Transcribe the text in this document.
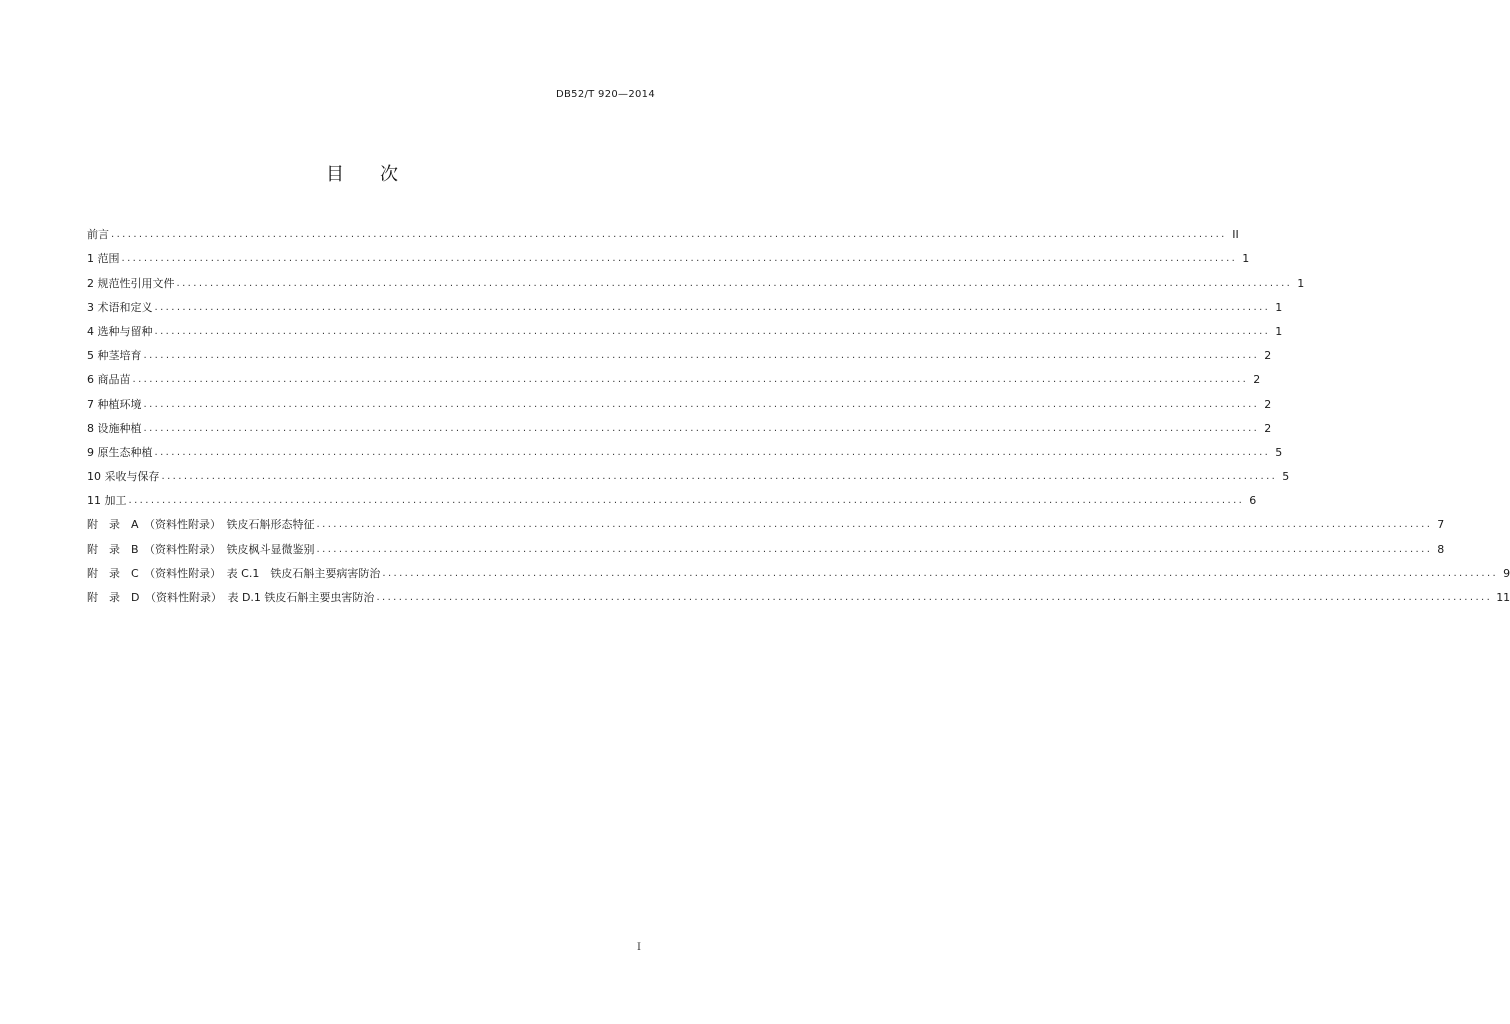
DB52/T 920—2014
目次
前言 ........................................................................................................................................................................................................ II
1 范围 ........................................................................................................................................................................................................ 1
2 规范性引用文件 ........................................................................................................................................................................................................ 1
3 术语和定义 ........................................................................................................................................................................................................ 1
4 选种与留种 ........................................................................................................................................................................................................ 1
5 种茎培育 ........................................................................................................................................................................................................ 2
6 商品苗 ........................................................................................................................................................................................................ 2
7 种植环境 ........................................................................................................................................................................................................ 2
8 设施种植 ........................................................................................................................................................................................................ 2
9 原生态种植 ........................................................................................................................................................................................................ 5
10 采收与保存 ........................................................................................................................................................................................................ 5
11 加工 ........................................................................................................................................................................................................ 6
附　录　A　（资料性附录）　铁皮石斛形态特征 ........................................................................................................................................................................................................ 7
附　录　B　（资料性附录）　铁皮枫斗显微鉴别 ........................................................................................................................................................................................................ 8
附　录　C　（资料性附录）　表 C.1　铁皮石斛主要病害防治 ........................................................................................................................................................................................................ 9
附　录　D　（资料性附录）　表 D.1 铁皮石斛主要虫害防治 ........................................................................................................................................................................................................ 11
I
